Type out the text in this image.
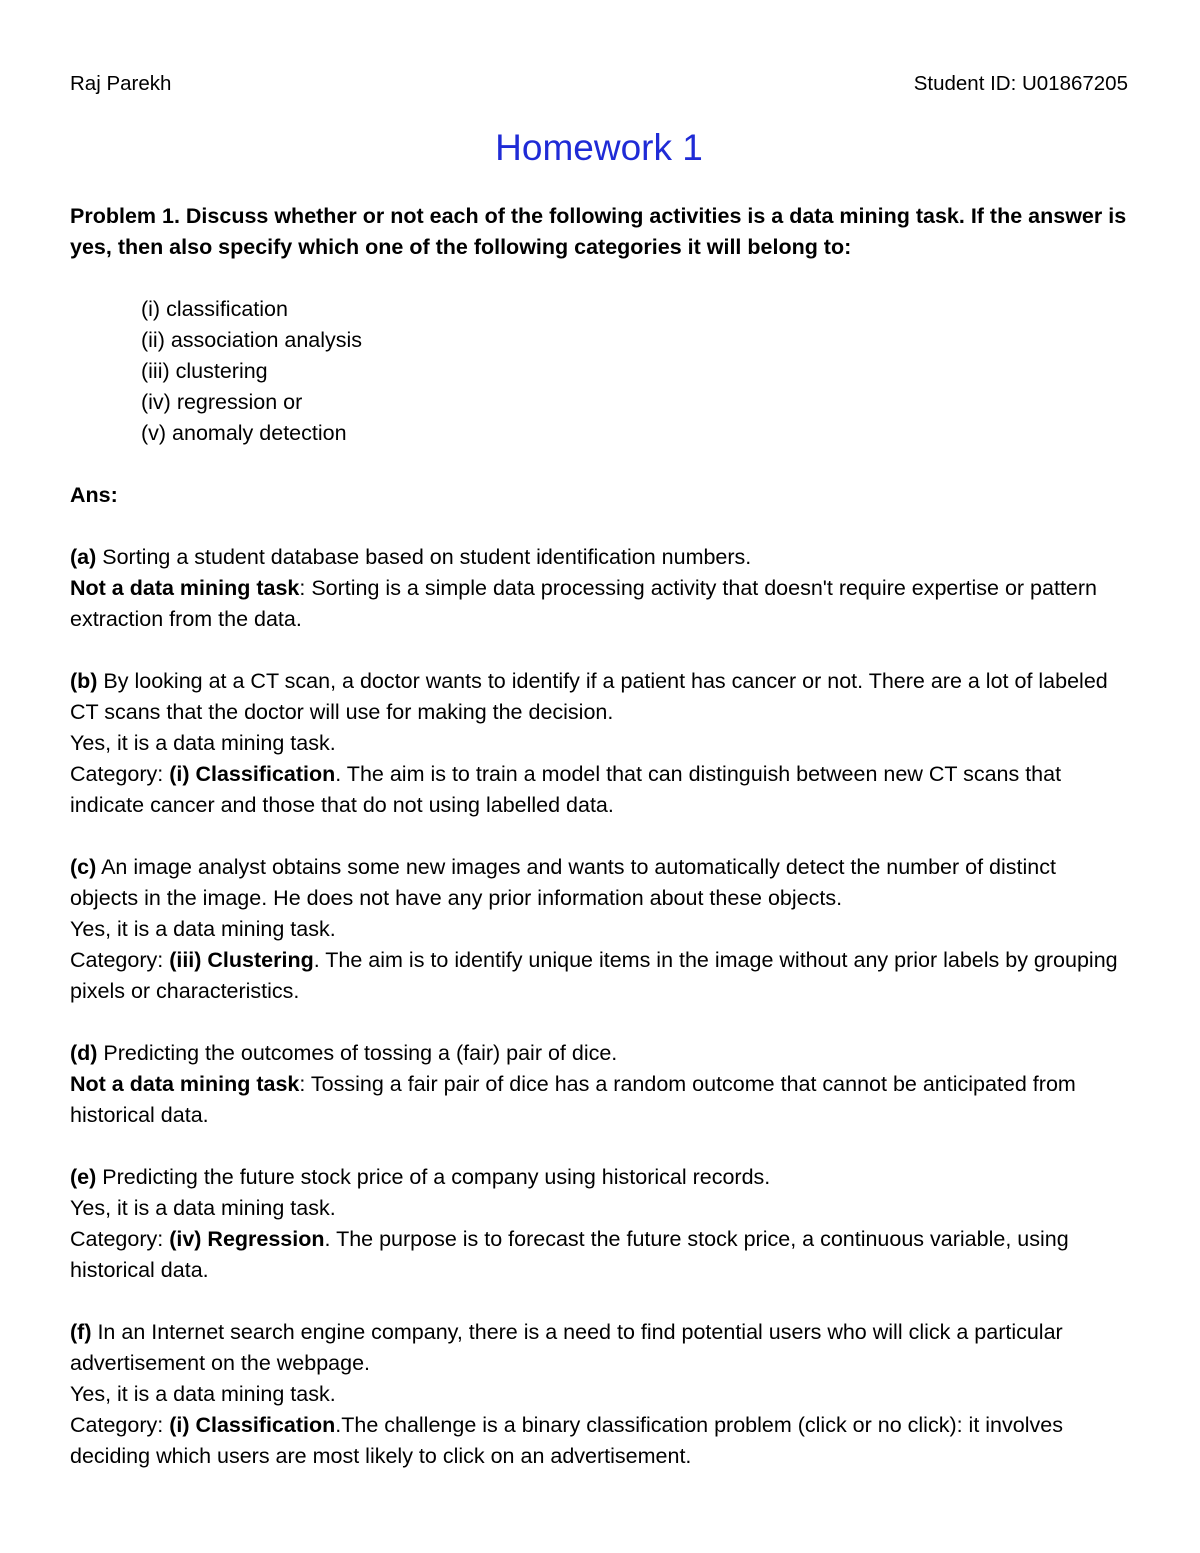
Raj Parekh	Student ID: U01867205
Homework 1

Problem 1. Discuss whether or not each of the following activities is a data mining task. If the answer is yes, then also specify which one of the following categories it will belong to:

(i) classification
(ii) association analysis
(iii) clustering
(iv) regression or
(v) anomaly detection

Ans:

(a) Sorting a student database based on student identification numbers.

Not a data mining task: Sorting is a simple data processing activity that doesn't require expertise or pattern extraction from the data.

(b) By looking at a CT scan, a doctor wants to identify if a patient has cancer or not. There are a lot of labeled CT scans that the doctor will use for making the decision.

Yes, it is a data mining task.

Category: (i) Classification. The aim is to train a model that can distinguish between new CT scans that indicate cancer and those that do not using labelled data.

(c) An image analyst obtains some new images and wants to automatically detect the number of distinct objects in the image. He does not have any prior information about these objects.

Yes, it is a data mining task.

Category: (iii) Clustering. The aim is to identify unique items in the image without any prior labels by grouping pixels or characteristics.

(d) Predicting the outcomes of tossing a (fair) pair of dice.

Not a data mining task: Tossing a fair pair of dice has a random outcome that cannot be anticipated from historical data.

(e) Predicting the future stock price of a company using historical records.

Yes, it is a data mining task.

Category: (iv) Regression. The purpose is to forecast the future stock price, a continuous variable, using historical data.

(f) In an Internet search engine company, there is a need to find potential users who will click a particular advertisement on the webpage.

Yes, it is a data mining task.

Category: (i) Classification.The challenge is a binary classification problem (click or no click): it involves deciding which users are most likely to click on an advertisement.
